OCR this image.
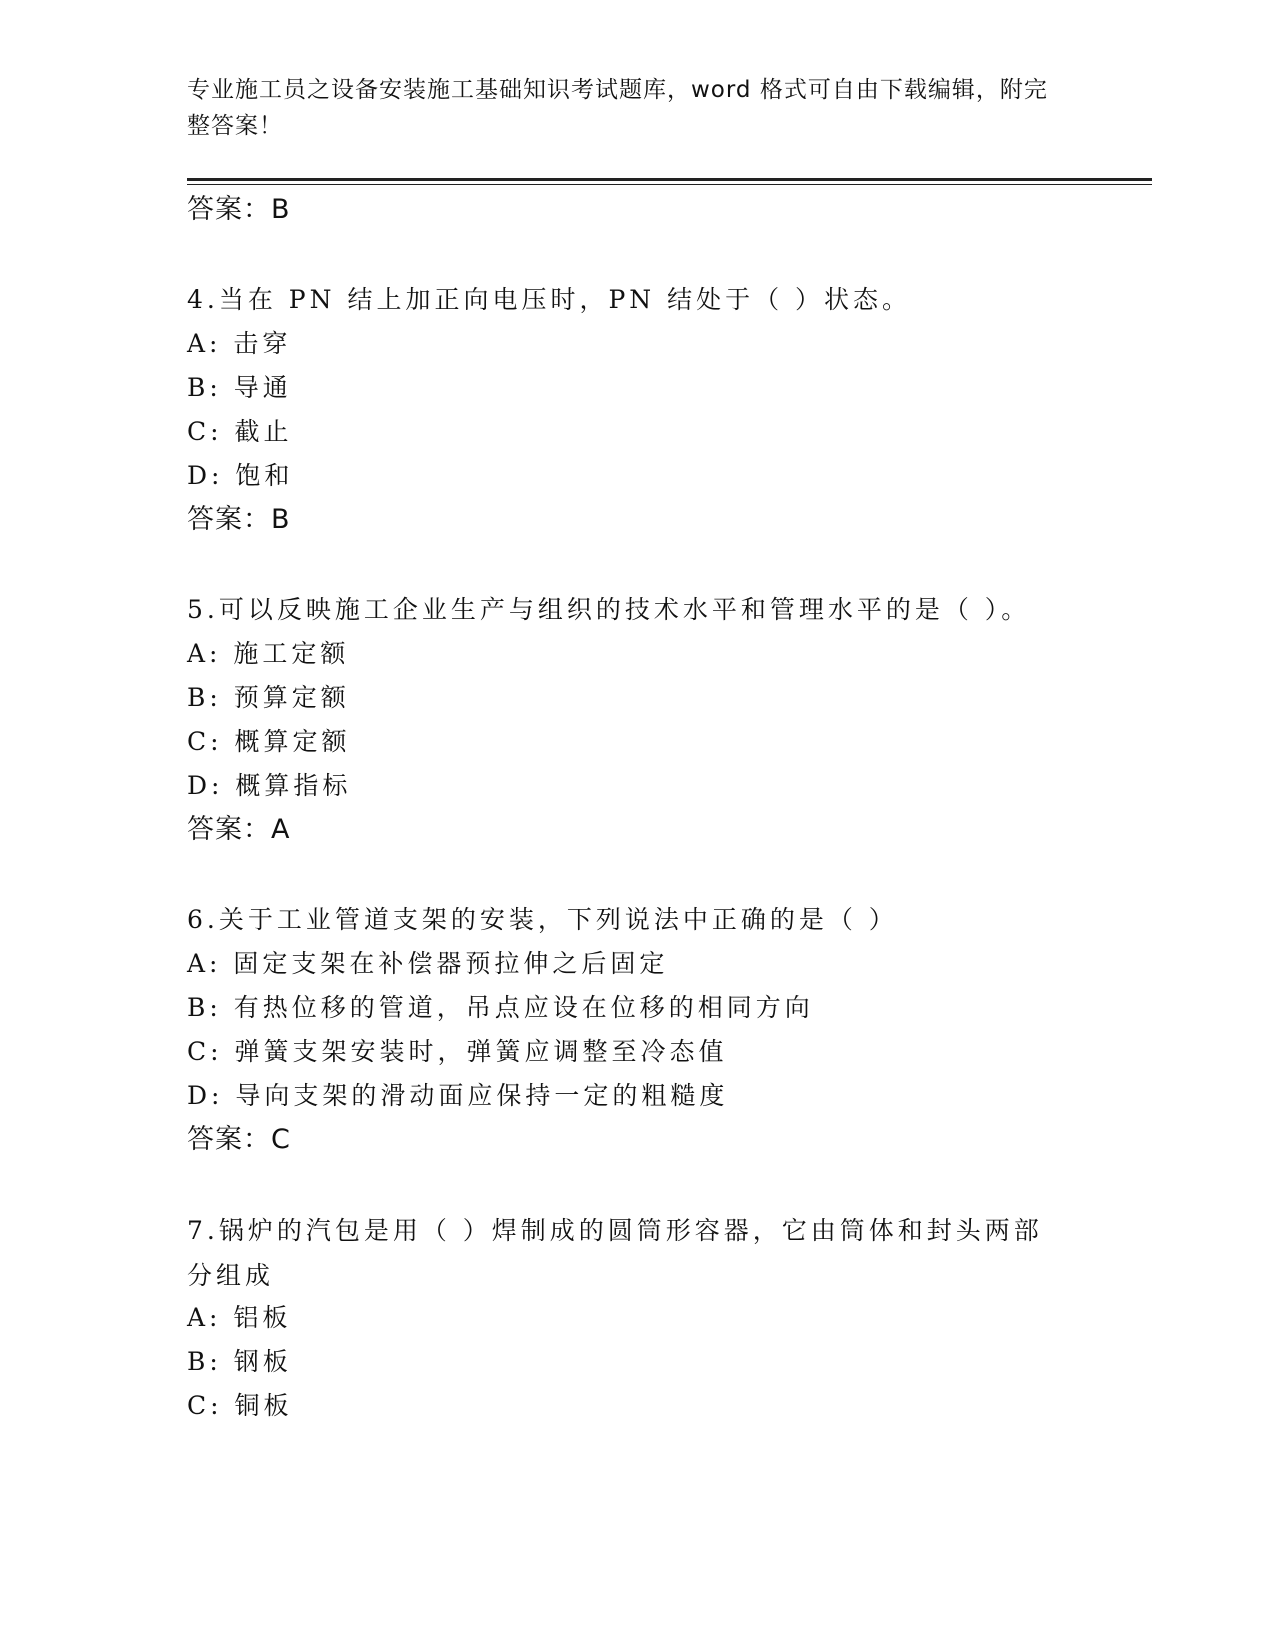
专业施工员之设备安装施工基础知识考试题库，word 格式可自由下载编辑，附完整答案！
答案：B
4.当在 PN 结上加正向电压时，PN 结处于（ ）状态。
A: 击穿
B: 导通
C: 截止
D: 饱和
答案：B
5.可以反映施工企业生产与组织的技术水平和管理水平的是（ ）。
A: 施工定额
B: 预算定额
C: 概算定额
D: 概算指标
答案：A
6.关于工业管道支架的安装，下列说法中正确的是（ ）
A: 固定支架在补偿器预拉伸之后固定
B: 有热位移的管道，吊点应设在位移的相同方向
C: 弹簧支架安装时，弹簧应调整至冷态值
D: 导向支架的滑动面应保持一定的粗糙度
答案：C
7.锅炉的汽包是用（ ）焊制成的圆筒形容器，它由筒体和封头两部分组成
A: 铝板
B: 钢板
C: 铜板
